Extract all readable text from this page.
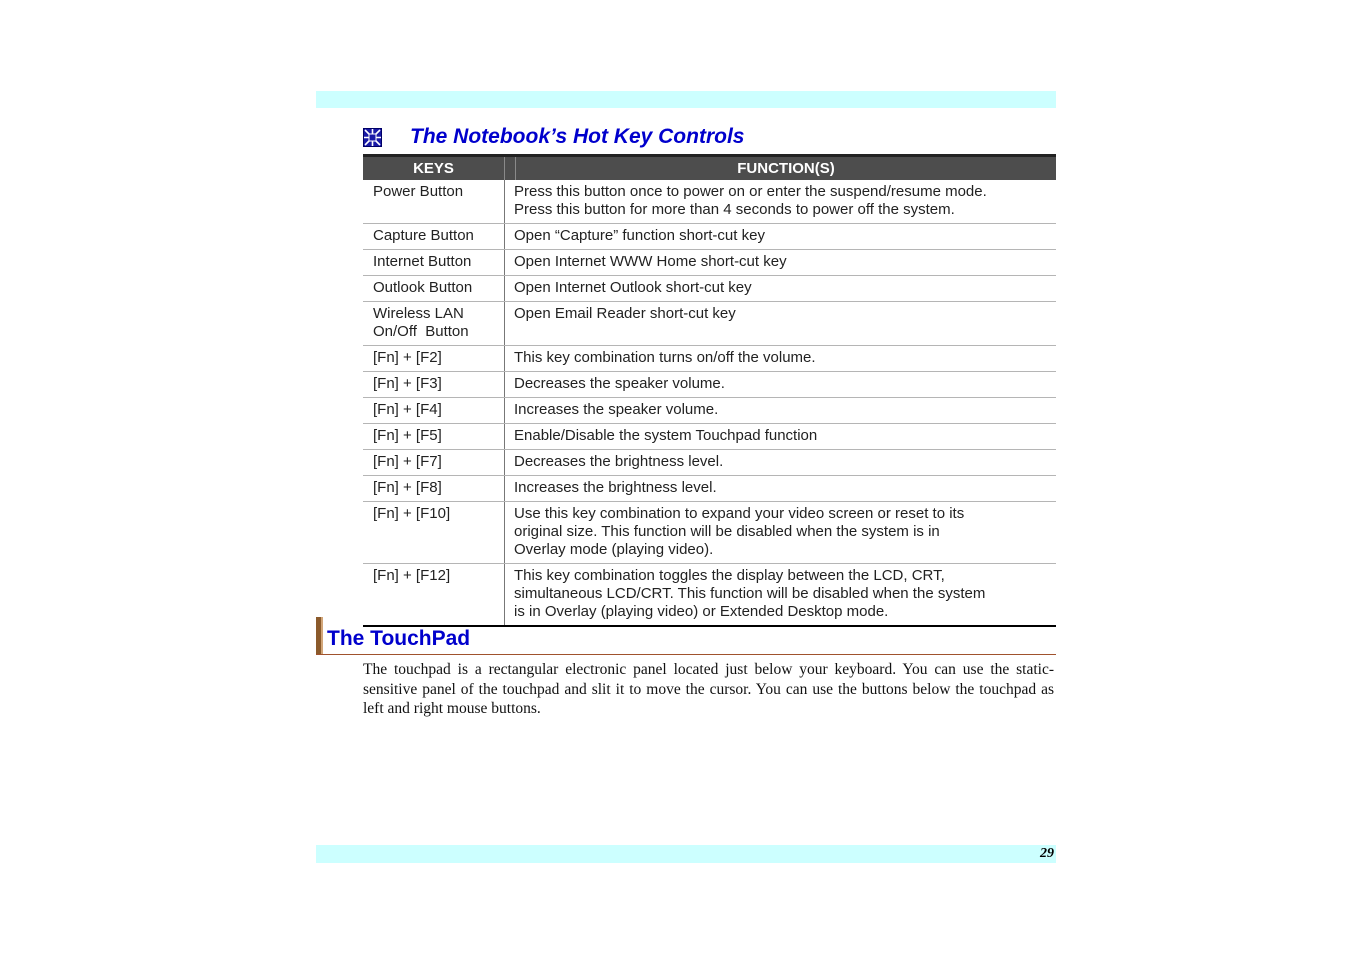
The Notebook’s Hot Key Controls
KEYS		FUNCTION(S)
Power Button	Press this button once to power on or enter the suspend/resume mode.
Press this button for more than 4 seconds to power off the system.	
Capture Button	Open “Capture” function short-cut key	
Internet Button	Open Internet WWW Home short-cut key	
Outlook Button	Open Internet Outlook short-cut key	
Wireless LAN
On/Off  Button	Open Email Reader short-cut key	
[Fn] + [F2]	This key combination turns on/off the volume.	
[Fn] + [F3]	Decreases the speaker volume.	
[Fn] + [F4]	Increases the speaker volume.	
[Fn] + [F5]	Enable/Disable the system Touchpad function	
[Fn] + [F7]	Decreases the brightness level.	
[Fn] + [F8]	Increases the brightness level.	
[Fn] + [F10]	Use this key combination to expand your video screen or reset to its
original size. This function will be disabled when the system is in
Overlay mode (playing video).	
[Fn] + [F12]	This key combination toggles the display between the LCD, CRT,
simultaneous LCD/CRT. This function will be disabled when the system
is in Overlay (playing video) or Extended Desktop mode.	
The TouchPad

The touchpad is a rectangular electronic panel located just below your keyboard. You can use the static-sensitive panel of the touchpad and slit it to move the cursor. You can use the buttons below the touchpad as left and right mouse buttons.

29
